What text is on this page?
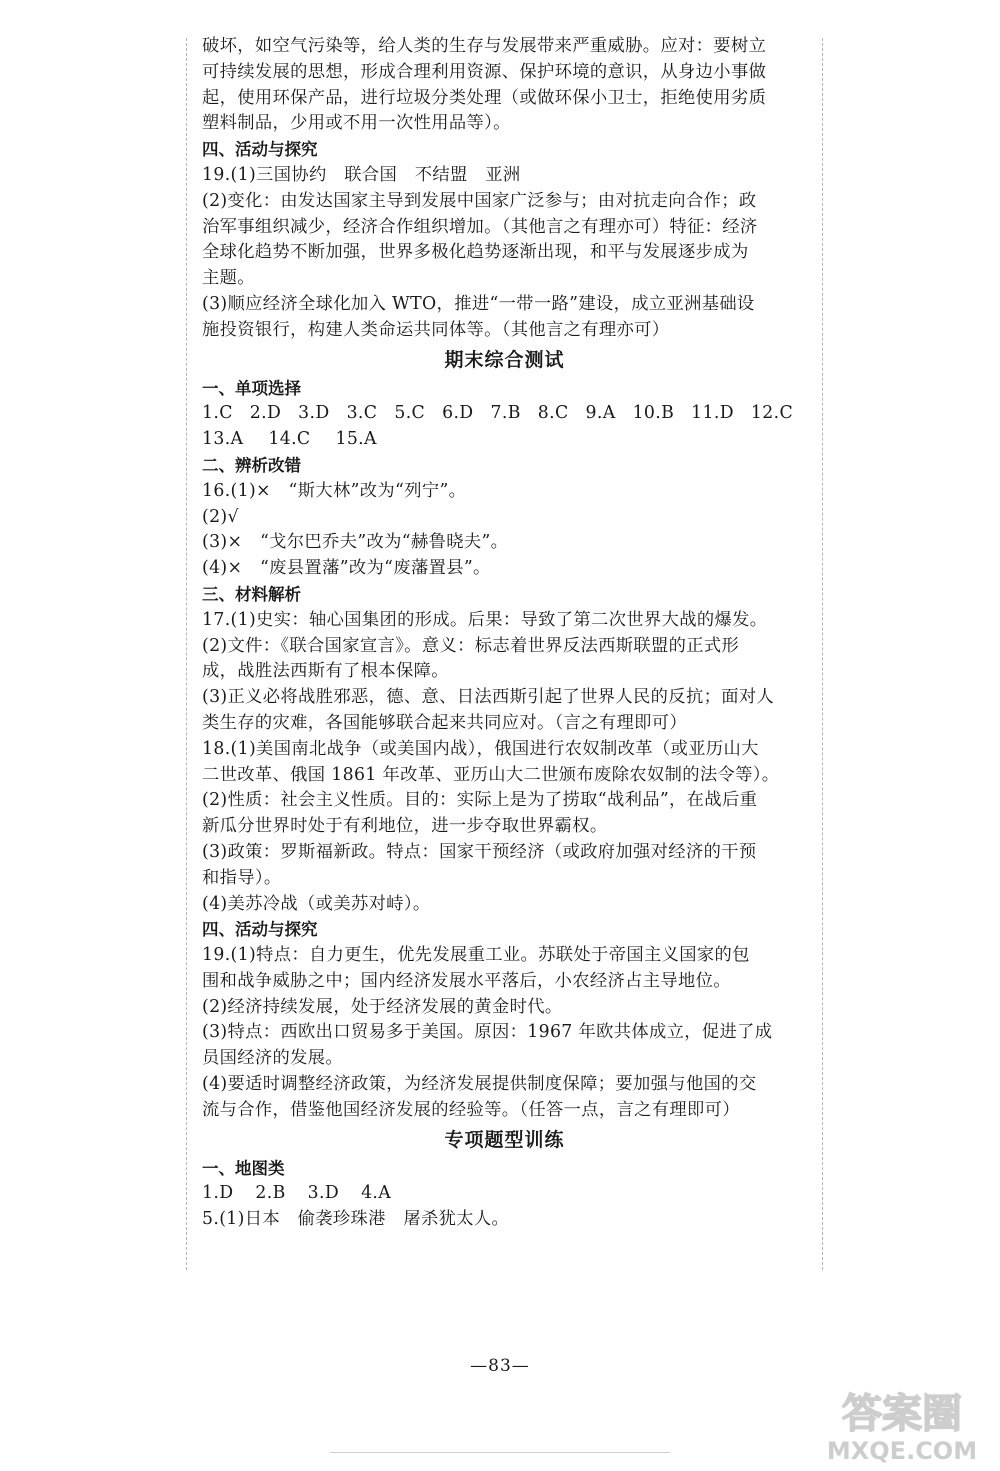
破坏，如空气污染等，给人类的生存与发展带来严重威胁。应对：要树立
可持续发展的思想，形成合理利用资源、保护环境的意识，从身边小事做
起，使用环保产品，进行垃圾分类处理（或做环保小卫士，拒绝使用劣质
塑料制品，少用或不用一次性用品等）。
四、活动与探究
19.(1)三国协约　联合国　不结盟　亚洲
(2)变化：由发达国家主导到发展中国家广泛参与；由对抗走向合作；政
治军事组织减少，经济合作组织增加。（其他言之有理亦可）特征：经济
全球化趋势不断加强，世界多极化趋势逐渐出现，和平与发展逐步成为
主题。
(3)顺应经济全球化加入 WTO，推进“一带一路”建设，成立亚洲基础设
施投资银行，构建人类命运共同体等。（其他言之有理亦可）
期末综合测试
一、单项选择
1.C 2.D 3.D 3.C 5.C 6.D 7.B 8.C 9.A 10.B 11.D 12.C
13.A 14.C 15.A
二、辨析改错
16.(1)×　“斯大林”改为“列宁”。
(2)√
(3)×　“戈尔巴乔夫”改为“赫鲁晓夫”。
(4)×　“废县置藩”改为“废藩置县”。
三、材料解析
17.(1)史实：轴心国集团的形成。后果：导致了第二次世界大战的爆发。
(2)文件：《联合国家宣言》。意义：标志着世界反法西斯联盟的正式形
成，战胜法西斯有了根本保障。
(3)正义必将战胜邪恶，德、意、日法西斯引起了世界人民的反抗；面对人
类生存的灾难，各国能够联合起来共同应对。（言之有理即可）
18.(1)美国南北战争（或美国内战），俄国进行农奴制改革（或亚历山大
二世改革、俄国 1861 年改革、亚历山大二世颁布废除农奴制的法令等）。
(2)性质：社会主义性质。目的：实际上是为了捞取“战利品”，在战后重
新瓜分世界时处于有利地位，进一步夺取世界霸权。
(3)政策：罗斯福新政。特点：国家干预经济（或政府加强对经济的干预
和指导）。
(4)美苏冷战（或美苏对峙）。
四、活动与探究
19.(1)特点：自力更生，优先发展重工业。苏联处于帝国主义国家的包
围和战争威胁之中；国内经济发展水平落后，小农经济占主导地位。
(2)经济持续发展，处于经济发展的黄金时代。
(3)特点：西欧出口贸易多于美国。原因：1967 年欧共体成立，促进了成
员国经济的发展。
(4)要适时调整经济政策，为经济发展提供制度保障；要加强与他国的交
流与合作，借鉴他国经济发展的经验等。（任答一点，言之有理即可）
专项题型训练
一、地图类
1.D 2.B 3.D 4.A
5.(1)日本　偷袭珍珠港　屠杀犹太人。
—83—
答案圈
MXQE.COM
